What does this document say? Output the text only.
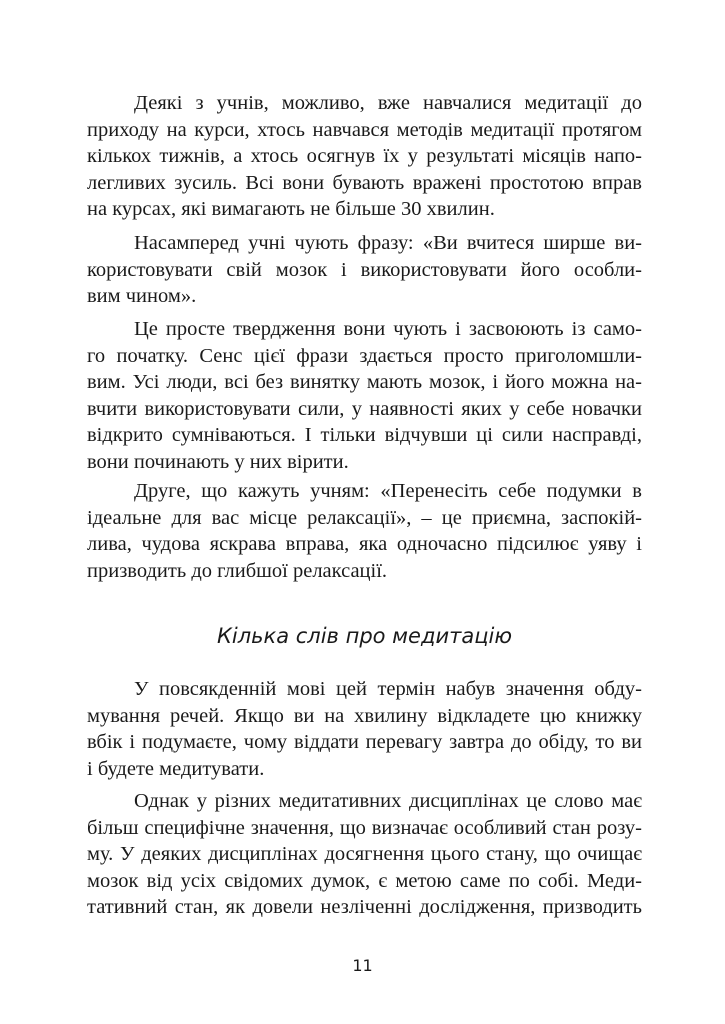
Деякі з учнів, можливо, вже навчалися медитації до
приходу на курси, хтось навчався методів медитації протягом
кількох тижнів, а хтось осягнув їх у результаті місяців напо-
легливих зусиль. Всі вони бувають вражені простотою вправ
на курсах, які вимагають не більше 30 хвилин.

Насамперед учні чують фразу: «Ви вчитеся ширше ви-
користовувати свій мозок і використовувати його особли-
вим чином».

Це просте твердження вони чують і засвоюють із само-
го початку. Сенс цієї фрази здається просто приголомшли-
вим. Усі люди, всі без винятку мають мозок, і його можна на-
вчити використовувати сили, у наявності яких у себе новачки
відкрито сумніваються. І тільки відчувши ці сили насправді,
вони починають у них вірити.

Друге, що кажуть учням: «Перенесіть себе подумки в
ідеальне для вас місце релаксації», – це приємна, заспокій-
лива, чудова яскрава вправа, яка одночасно підсилює уяву і
призводить до глибшої релаксації.

Кілька слів про медитацію

У повсякденній мові цей термін набув значення обду-
мування речей. Якщо ви на хвилину відкладете цю книжку
вбік і подумаєте, чому віддати перевагу завтра до обіду, то ви
і будете медитувати.

Однак у різних медитативних дисциплінах це слово має
більш специфічне значення, що визначає особливий стан розу-
му. У деяких дисциплінах досягнення цього стану, що очищає
мозок від усіх свідомих думок, є метою саме по собі. Меди-
тативний стан, як довели незліченні дослідження, призводить

11
